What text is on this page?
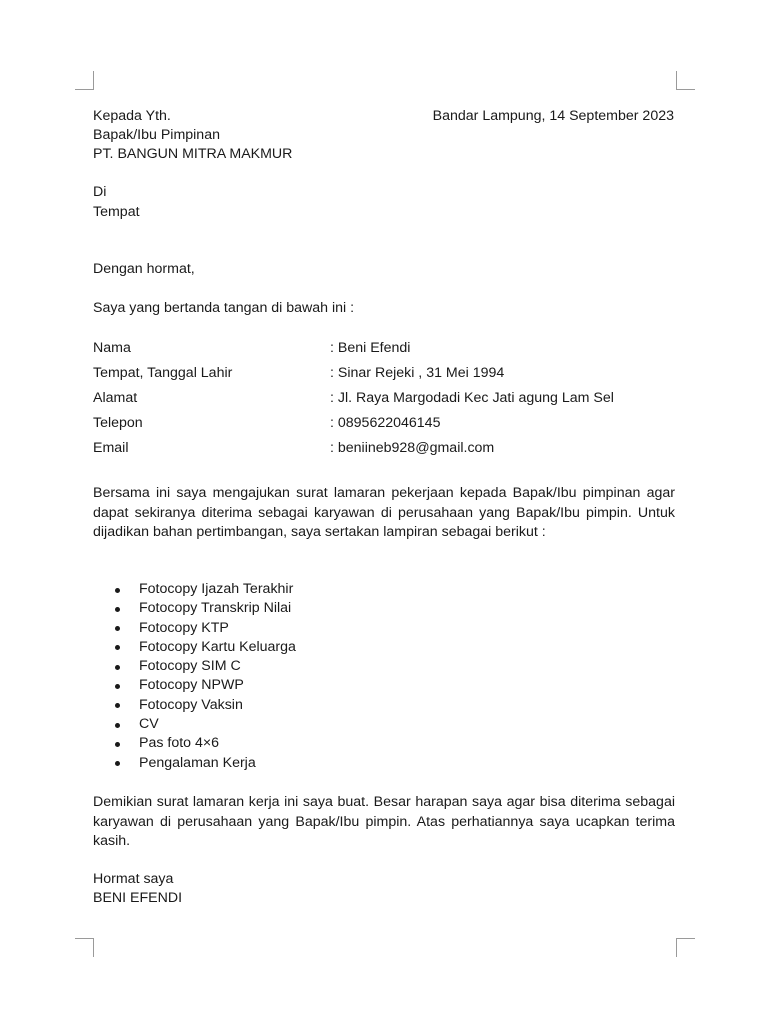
Kepada Yth.	Bandar Lampung, 14 September 2023
Bapak/Ibu Pimpinan
PT. BANGUN MITRA MAKMUR
Di
Tempat
Dengan hormat,
Saya yang bertanda tangan di bawah ini :
Nama	: Beni Efendi
Tempat, Tanggal Lahir	: Sinar Rejeki , 31 Mei 1994
Alamat	: Jl. Raya Margodadi Kec Jati agung Lam Sel
Telepon	: 0895622046145
Email	: beniineb928@gmail.com
Bersama ini saya mengajukan surat lamaran pekerjaan kepada Bapak/Ibu pimpinan agar dapat sekiranya diterima sebagai karyawan di perusahaan yang Bapak/Ibu pimpin. Untuk dijadikan bahan pertimbangan, saya sertakan lampiran sebagai berikut :
Fotocopy Ijazah Terakhir
Fotocopy Transkrip Nilai
Fotocopy KTP
Fotocopy Kartu Keluarga
Fotocopy SIM C
Fotocopy NPWP
Fotocopy Vaksin
CV
Pas foto 4×6
Pengalaman Kerja
Demikian surat lamaran kerja ini saya buat. Besar harapan saya agar bisa diterima sebagai karyawan di perusahaan yang Bapak/Ibu pimpin. Atas perhatiannya saya ucapkan terima kasih.
Hormat saya
BENI EFENDI
